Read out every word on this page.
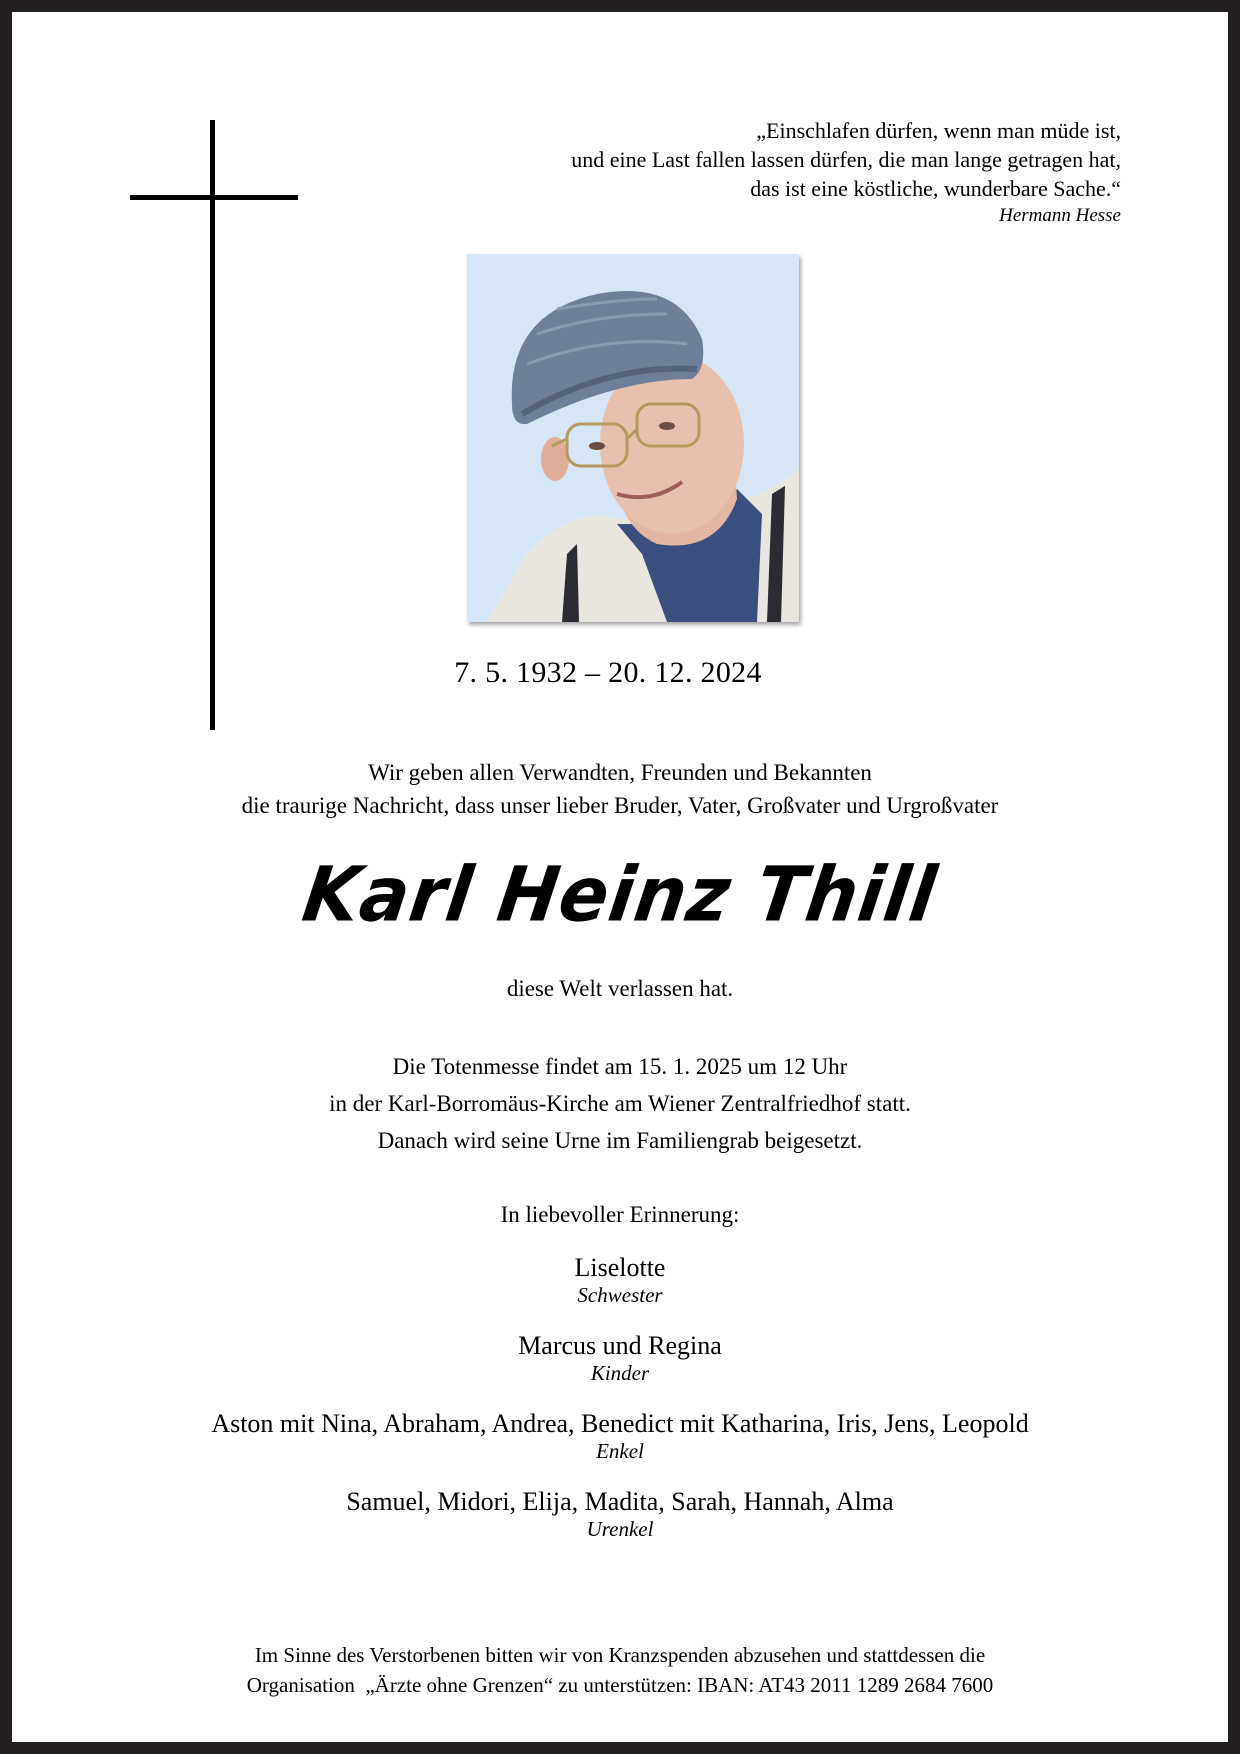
„Einschlafen dürfen, wenn man müde ist,
und eine Last fallen lassen dürfen, die man lange getragen hat,
das ist eine köstliche, wunderbare Sache.“
Hermann Hesse
7. 5. 1932 – 20. 12. 2024
Wir geben allen Verwandten, Freunden und Bekannten
die traurige Nachricht, dass unser lieber Bruder, Vater, Großvater und Urgroßvater
Karl Heinz Thill
diese Welt verlassen hat.
Die Totenmesse findet am 15. 1. 2025 um 12 Uhr
in der Karl-Borromäus-Kirche am Wiener Zentralfriedhof statt.
Danach wird seine Urne im Familiengrab beigesetzt.
In liebevoller Erinnerung:
Liselotte
Schwester
Marcus und Regina
Kinder
Aston mit Nina, Abraham, Andrea, Benedict mit Katharina, Iris, Jens, Leopold
Enkel
Samuel, Midori, Elija, Madita, Sarah, Hannah, Alma
Urenkel
Im Sinne des Verstorbenen bitten wir von Kranzspenden abzusehen und stattdessen die
Organisation  „Ärzte ohne Grenzen“ zu unterstützen: IBAN: AT43 2011 1289 2684 7600
